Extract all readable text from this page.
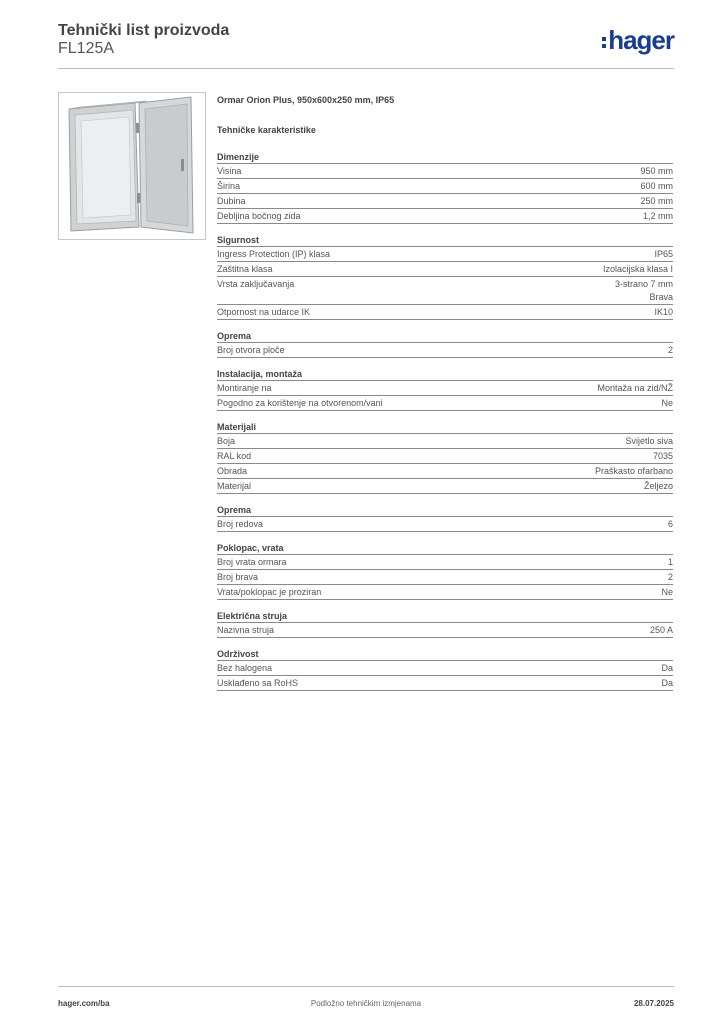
Tehnički list proizvoda
FL125A	hager
Ormar Orion Plus, 950x600x250 mm, IP65
Tehničke karakteristike
Dimenzije
Visina	950 mm
Širina	600 mm
Dubina	250 mm
Debljina bočnog zida	1,2 mm
Sigurnost
Ingress Protection (IP) klasa	IP65
Zaštitna klasa	Izolacijska klasa I
Vrsta zaključavanja	3-strano 7 mm
Brava
Otpornost na udarce IK	IK10
Oprema
Broj otvora ploče	2
Instalacija, montaža
Montiranje na	Montaža na zid/NŽ
Pogodno za korištenje na otvorenom/vani	Ne
Materijali
Boja	Svijetlo siva
RAL kod	7035
Obrada	Praškasto ofarbano
Materijal	Željezo
Oprema
Broj redova	6
Poklopac, vrata
Broj vrata ormara	1
Broj brava	2
Vrata/poklopac je proziran	Ne
Električna struja
Nazivna struja	250 A
Održivost
Bez halogena	Da
Usklađeno sa RoHS	Da
hager.com/ba	Podložno tehničkim izmjenama	28.07.2025
